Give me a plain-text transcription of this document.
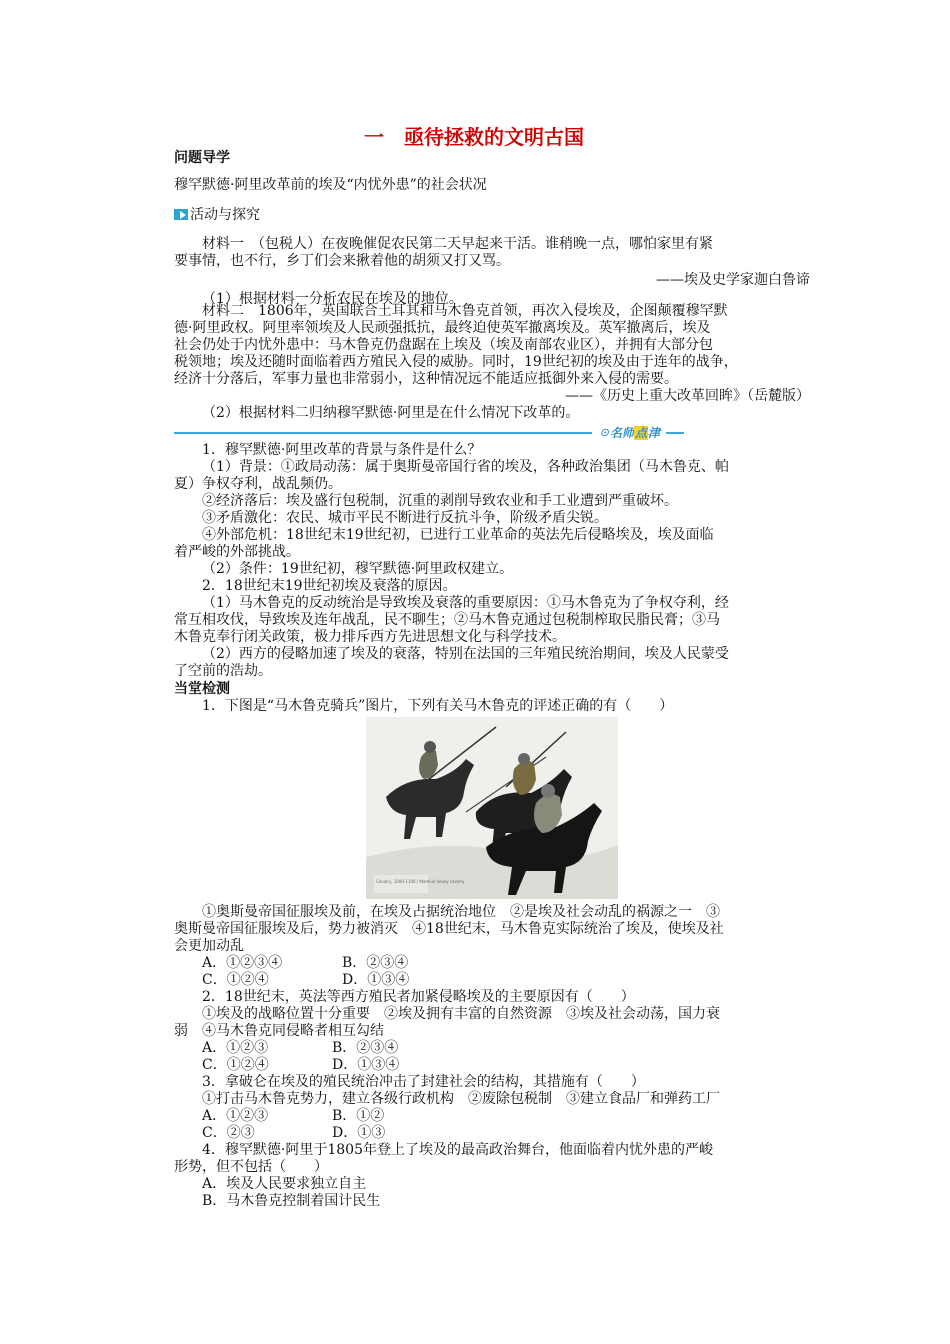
一　亟待拯救的文明古国
问题导学
穆罕默德·阿里改革前的埃及“内忧外患”的社会状况
活动与探究
材料一　（包税人）在夜晚催促农民第二天早起来干活。谁稍晚一点，哪怕家里有紧
要事情，也不行，乡丁们会来揪着他的胡须又打又骂。
——埃及史学家迦白鲁谛
（1）根据材料一分析农民在埃及的地位。
材料二　1806年，英国联合土耳其和马木鲁克首领，再次入侵埃及，企图颠覆穆罕默
德·阿里政权。阿里率领埃及人民顽强抵抗，最终迫使英军撤离埃及。英军撤离后，埃及
社会仍处于内忧外患中：马木鲁克仍盘踞在上埃及（埃及南部农业区），并拥有大部分包
税领地；埃及还随时面临着西方殖民入侵的威胁。同时，19世纪初的埃及由于连年的战争，
经济十分落后，军事力量也非常弱小，这种情况远不能适应抵御外来入侵的需要。
——《历史上重大改革回眸》（岳麓版）
（2）根据材料二归纳穆罕默德·阿里是在什么情况下改革的。
☉名师点津
1．穆罕默德·阿里改革的背景与条件是什么？
（1）背景：①政局动荡：属于奥斯曼帝国行省的埃及，各种政治集团（马木鲁克、帕
夏）争权夺利，战乱频仍。
②经济落后：埃及盛行包税制，沉重的剥削导致农业和手工业遭到严重破坏。
③矛盾激化：农民、城市平民不断进行反抗斗争，阶级矛盾尖锐。
④外部危机：18世纪末19世纪初，已进行工业革命的英法先后侵略埃及，埃及面临
着严峻的外部挑战。
（2）条件：19世纪初，穆罕默德·阿里政权建立。
2．18世纪末19世纪初埃及衰落的原因。
（1）马木鲁克的反动统治是导致埃及衰落的重要原因：①马木鲁克为了争权夺利，经
常互相攻伐，导致埃及连年战乱，民不聊生；②马木鲁克通过包税制榨取民脂民膏；③马
木鲁克奉行闭关政策，极力排斥西方先进思想文化与科学技术。
（2）西方的侵略加速了埃及的衰落，特别在法国的三年殖民统治期间，埃及人民蒙受
了空前的浩劫。
当堂检测
1．下图是“马木鲁克骑兵”图片，下列有关马木鲁克的评述正确的有（　　）
Cavalry, 1000-1100 / Mamluk heavy cavalry
①奥斯曼帝国征服埃及前，在埃及占据统治地位　②是埃及社会动乱的祸源之一　③
奥斯曼帝国征服埃及后，势力被消灭　④18世纪末，马木鲁克实际统治了埃及，使埃及社
会更加动乱
A．①②③④	B．②③④
C．①②④	D．①③④
2．18世纪末，英法等西方殖民者加紧侵略埃及的主要原因有（　　）
①埃及的战略位置十分重要　②埃及拥有丰富的自然资源　③埃及社会动荡，国力衰
弱　④马木鲁克同侵略者相互勾结
A．①②③	B．②③④
C．①②④	D．①③④
3．拿破仑在埃及的殖民统治冲击了封建社会的结构，其措施有（　　）
①打击马木鲁克势力，建立各级行政机构　②废除包税制　③建立食品厂和弹药工厂
A．①②③	B．①②
C．②③	D．①③
4．穆罕默德·阿里于1805年登上了埃及的最高政治舞台，他面临着内忧外患的严峻
形势，但不包括（　　）
A．埃及人民要求独立自主
B．马木鲁克控制着国计民生
